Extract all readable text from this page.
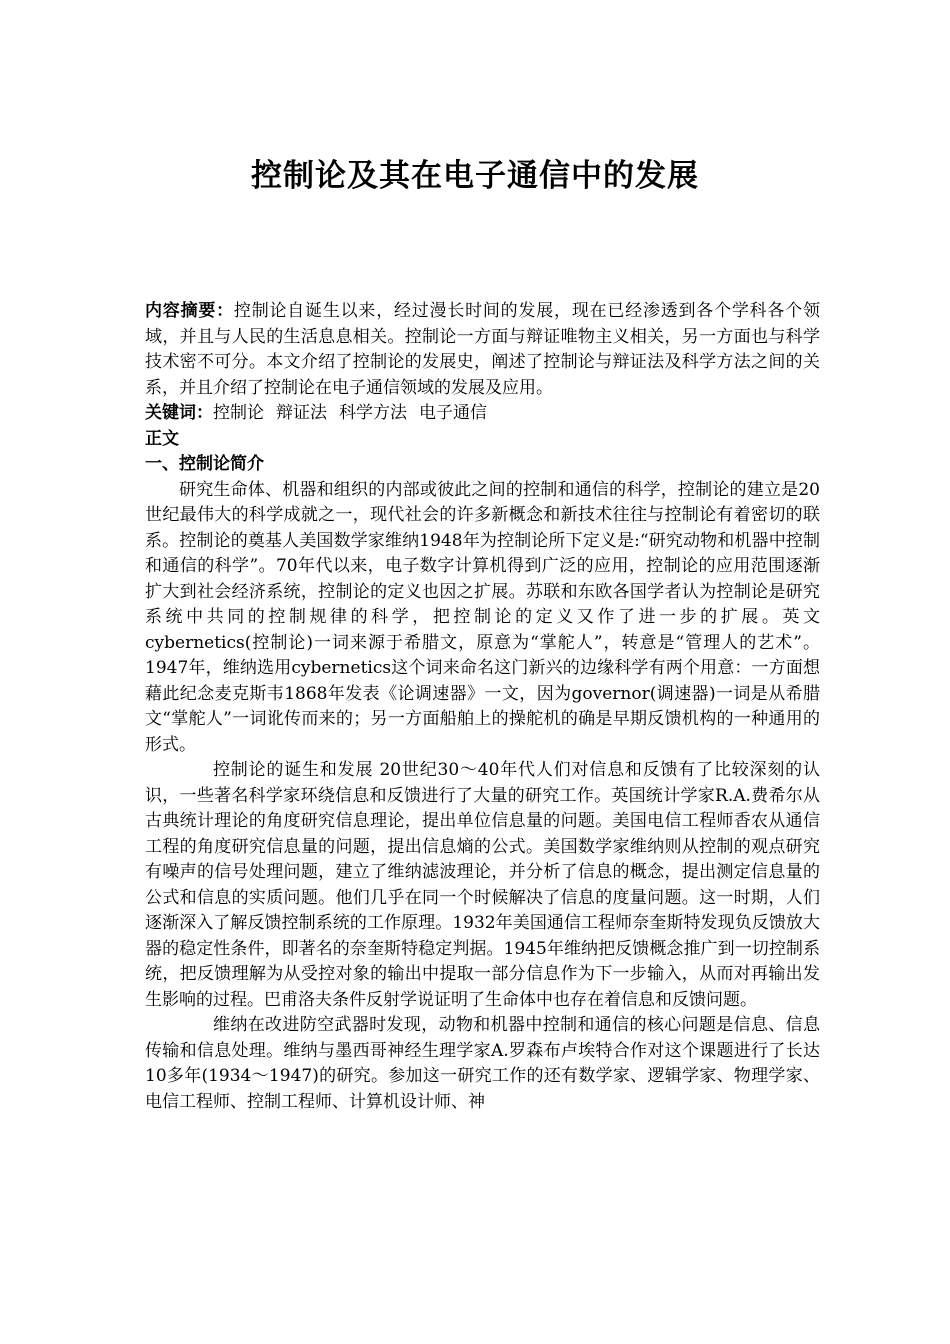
控制论及其在电子通信中的发展

内容摘要：控制论自诞生以来，经过漫长时间的发展，现在已经渗透到各个学科各个领域，并且与人民的生活息息相关。控制论一方面与辩证唯物主义相关，另一方面也与科学技术密不可分。本文介绍了控制论的发展史，阐述了控制论与辩证法及科学方法之间的关系，并且介绍了控制论在电子通信领域的发展及应用。

关键词：控制论 辩证法 科学方法 电子通信

正文

一、控制论简介

研究生命体、机器和组织的内部或彼此之间的控制和通信的科学，控制论的建立是20世纪最伟大的科学成就之一，现代社会的许多新概念和新技术往往与控制论有着密切的联系。控制论的奠基人美国数学家维纳1948年为控制论所下定义是:“研究动物和机器中控制和通信的科学”。70年代以来，电子数字计算机得到广泛的应用，控制论的应用范围逐渐扩大到社会经济系统，控制论的定义也因之扩展。苏联和东欧各国学者认为控制论是研究系统中共同的控制规律的科学，把控制论的定义又作了进一步的扩展。英文 cybernetics(控制论)一词来源于希腊文，原意为“掌舵人”，转意是“管理人的艺术”。1947年，维纳选用cybernetics这个词来命名这门新兴的边缘科学有两个用意：一方面想藉此纪念麦克斯韦1868年发表《论调速器》一文，因为governor(调速器)一词是从希腊文“掌舵人”一词讹传而来的；另一方面船舶上的操舵机的确是早期反馈机构的一种通用的形式。

控制论的诞生和发展 20世纪30～40年代人们对信息和反馈有了比较深刻的认识，一些著名科学家环绕信息和反馈进行了大量的研究工作。英国统计学家R.A.费希尔从古典统计理论的角度研究信息理论，提出单位信息量的问题。美国电信工程师香农从通信工程的角度研究信息量的问题，提出信息熵的公式。美国数学家维纳则从控制的观点研究有噪声的信号处理问题，建立了维纳滤波理论，并分析了信息的概念，提出测定信息量的公式和信息的实质问题。他们几乎在同一个时候解决了信息的度量问题。这一时期，人们逐渐深入了解反馈控制系统的工作原理。1932年美国通信工程师奈奎斯特发现负反馈放大器的稳定性条件，即著名的奈奎斯特稳定判据。1945年维纳把反馈概念推广到一切控制系统，把反馈理解为从受控对象的输出中提取一部分信息作为下一步输入，从而对再输出发生影响的过程。巴甫洛夫条件反射学说证明了生命体中也存在着信息和反馈问题。

维纳在改进防空武器时发现，动物和机器中控制和通信的核心问题是信息、信息传输和信息处理。维纳与墨西哥神经生理学家A.罗森布卢埃特合作对这个课题进行了长达10多年(1934～1947)的研究。参加这一研究工作的还有数学家、逻辑学家、物理学家、电信工程师、控制工程师、计算机设计师、神
